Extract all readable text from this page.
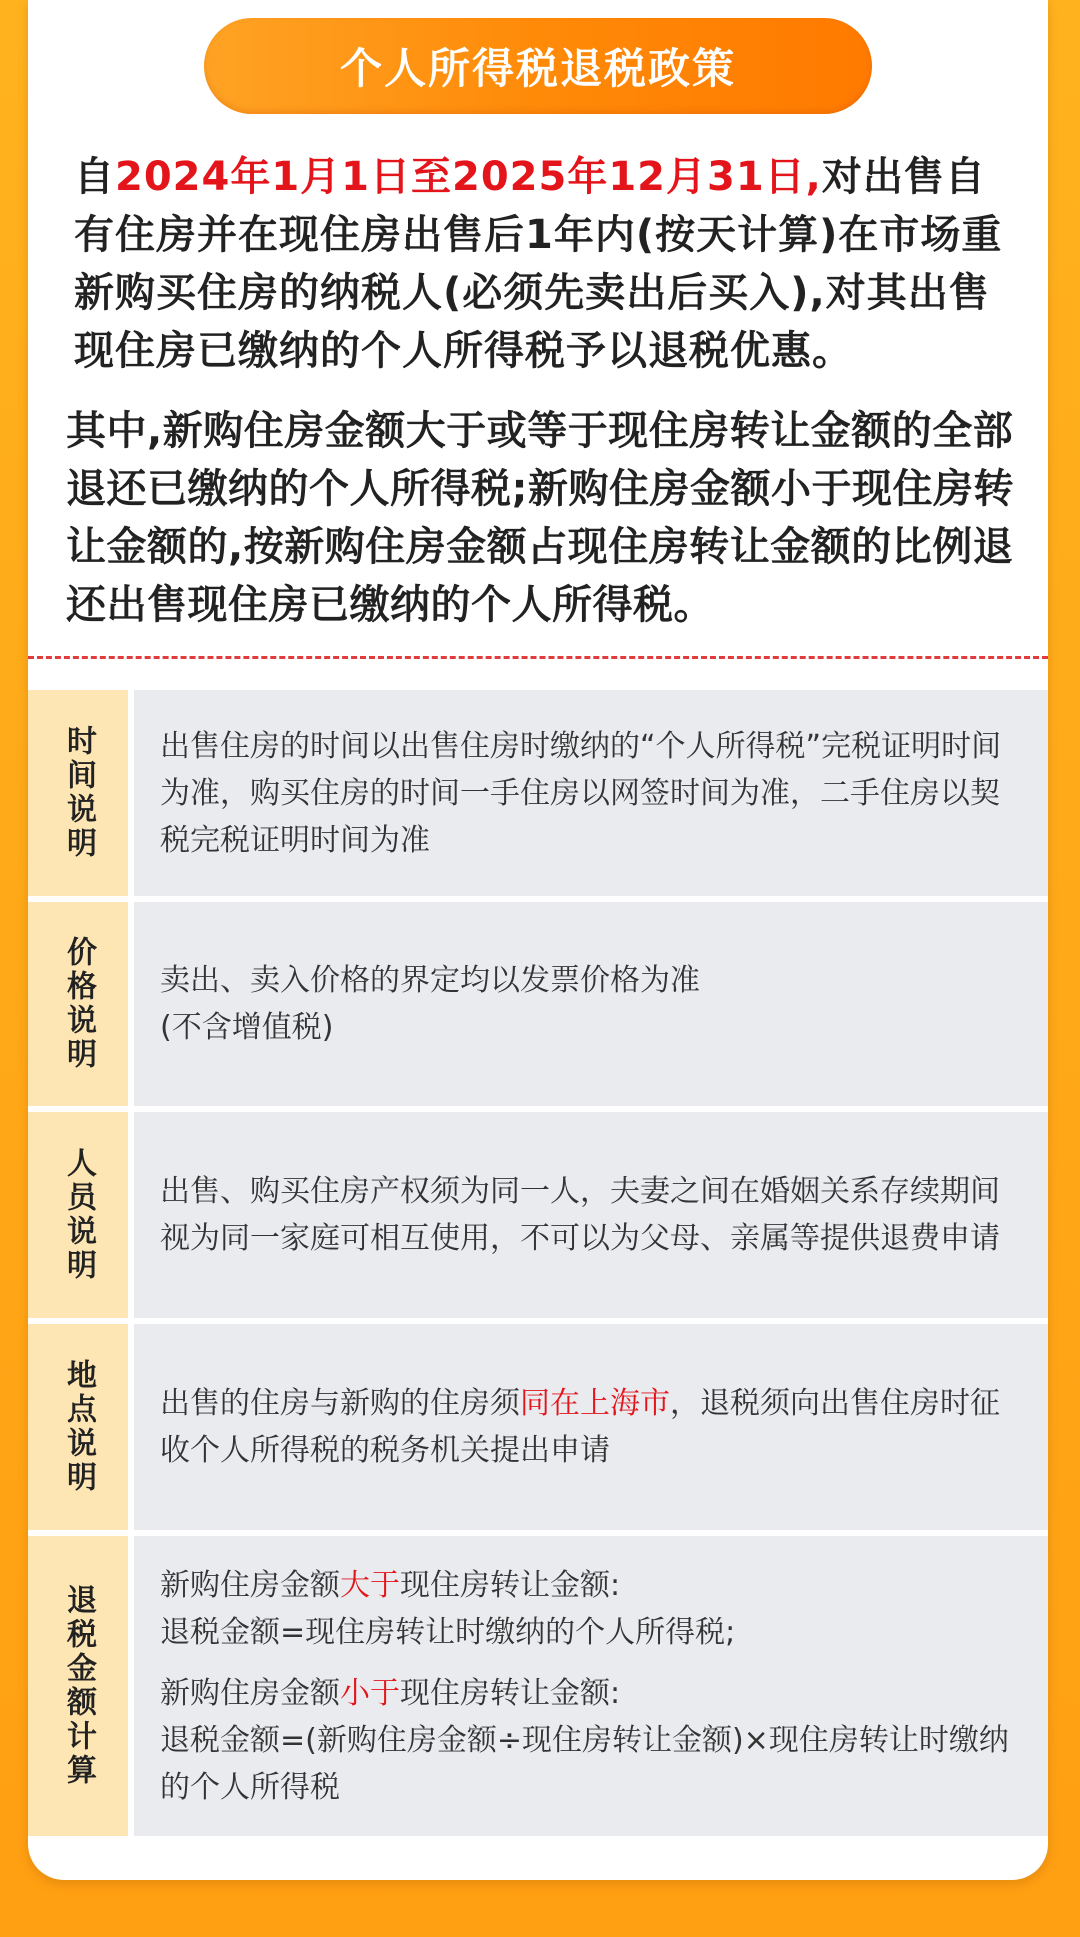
个人所得税退税政策
自2024年1月1日至2025年12月31日,对出售自有住房并在现住房出售后1年内(按天计算)在市场重新购买住房的纳税人(必须先卖出后买入),对其出售现住房已缴纳的个人所得税予以退税优惠。
其中,新购住房金额大于或等于现住房转让金额的全部退还已缴纳的个人所得税;新购住房金额小于现住房转让金额的,按新购住房金额占现住房转让金额的比例退还出售现住房已缴纳的个人所得税。
时间说明 出售住房的时间以出售住房时缴纳的“个人所得税”完税证明时间为准，购买住房的时间一手住房以网签时间为准，二手住房以契税完税证明时间为准
价格说明 卖出、卖入价格的界定均以发票价格为准
(不含增值税)
人员说明 出售、购买住房产权须为同一人，夫妻之间在婚姻关系存续期间视为同一家庭可相互使用，不可以为父母、亲属等提供退费申请
地点说明 出售的住房与新购的住房须同在上海市，退税须向出售住房时征收个人所得税的税务机关提出申请
退税金额计算 新购住房金额大于现住房转让金额:
退税金额=现住房转让时缴纳的个人所得税;
新购住房金额小于现住房转让金额:
退税金额=(新购住房金额÷现住房转让金额)×现住房转让时缴纳的个人所得税
